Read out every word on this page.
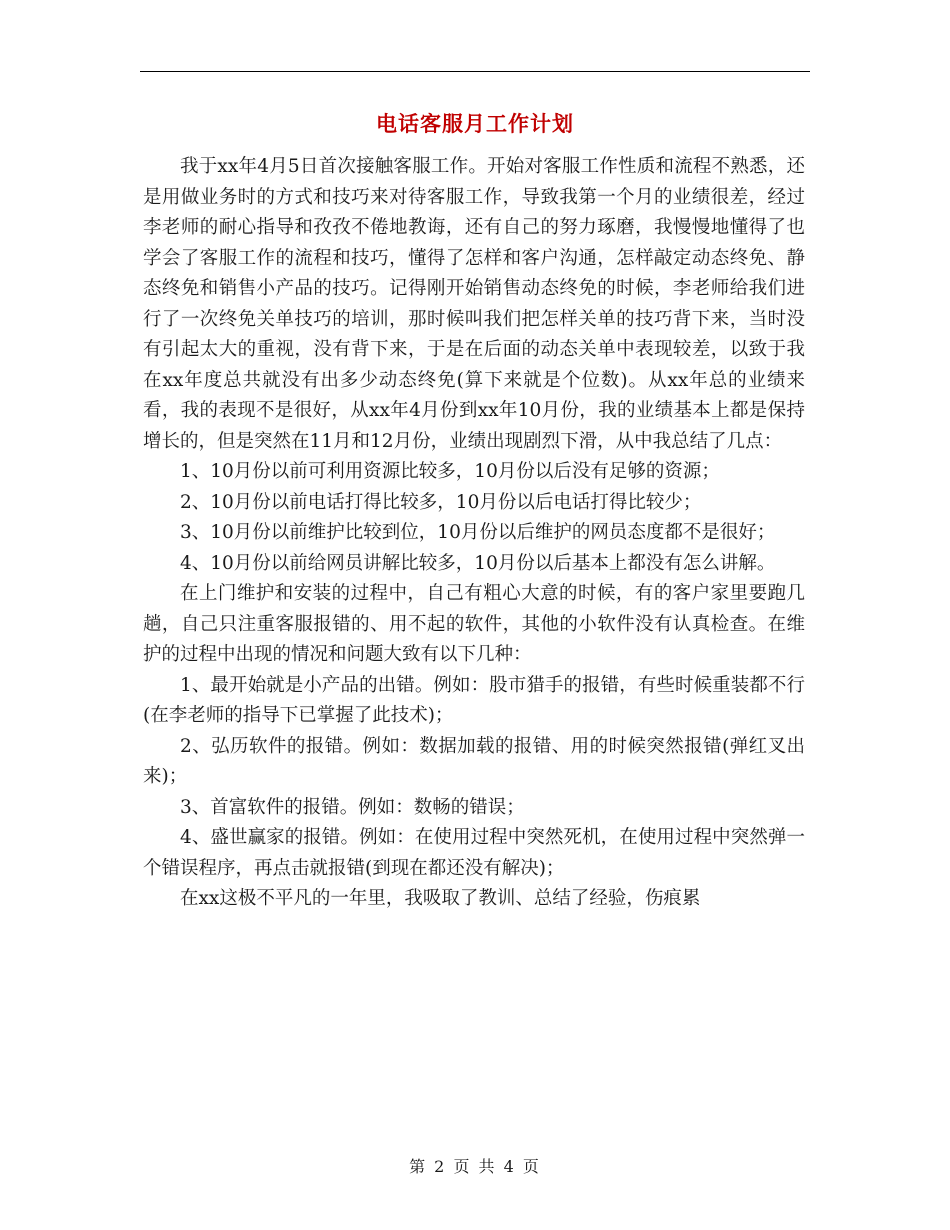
电话客服月工作计划

我于xx年4月5日首次接触客服工作。开始对客服工作性质和流程不熟悉，还是用做业务时的方式和技巧来对待客服工作，导致我第一个月的业绩很差，经过李老师的耐心指导和孜孜不倦地教诲，还有自己的努力琢磨，我慢慢地懂得了也学会了客服工作的流程和技巧，懂得了怎样和客户沟通，怎样敲定动态终免、静态终免和销售小产品的技巧。记得刚开始销售动态终免的时候，李老师给我们进行了一次终免关单技巧的培训，那时候叫我们把怎样关单的技巧背下来，当时没有引起太大的重视，没有背下来，于是在后面的动态关单中表现较差，以致于我在xx年度总共就没有出多少动态终免(算下来就是个位数)。从xx年总的业绩来看，我的表现不是很好，从xx年4月份到xx年10月份，我的业绩基本上都是保持增长的，但是突然在11月和12月份，业绩出现剧烈下滑，从中我总结了几点：

1、10月份以前可利用资源比较多，10月份以后没有足够的资源；

2、10月份以前电话打得比较多，10月份以后电话打得比较少；

3、10月份以前维护比较到位，10月份以后维护的网员态度都不是很好；

4、10月份以前给网员讲解比较多，10月份以后基本上都没有怎么讲解。

在上门维护和安装的过程中，自己有粗心大意的时候，有的客户家里要跑几趟，自己只注重客服报错的、用不起的软件，其他的小软件没有认真检查。在维护的过程中出现的情况和问题大致有以下几种：

1、最开始就是小产品的出错。例如：股市猎手的报错，有些时候重装都不行(在李老师的指导下已掌握了此技术)；

2、弘历软件的报错。例如：数据加载的报错、用的时候突然报错(弹红叉出来)；

3、首富软件的报错。例如：数畅的错误；

4、盛世赢家的报错。例如：在使用过程中突然死机，在使用过程中突然弹一个错误程序，再点击就报错(到现在都还没有解决)；

在xx这极不平凡的一年里，我吸取了教训、总结了经验，伤痕累

第 2 页 共 4 页
